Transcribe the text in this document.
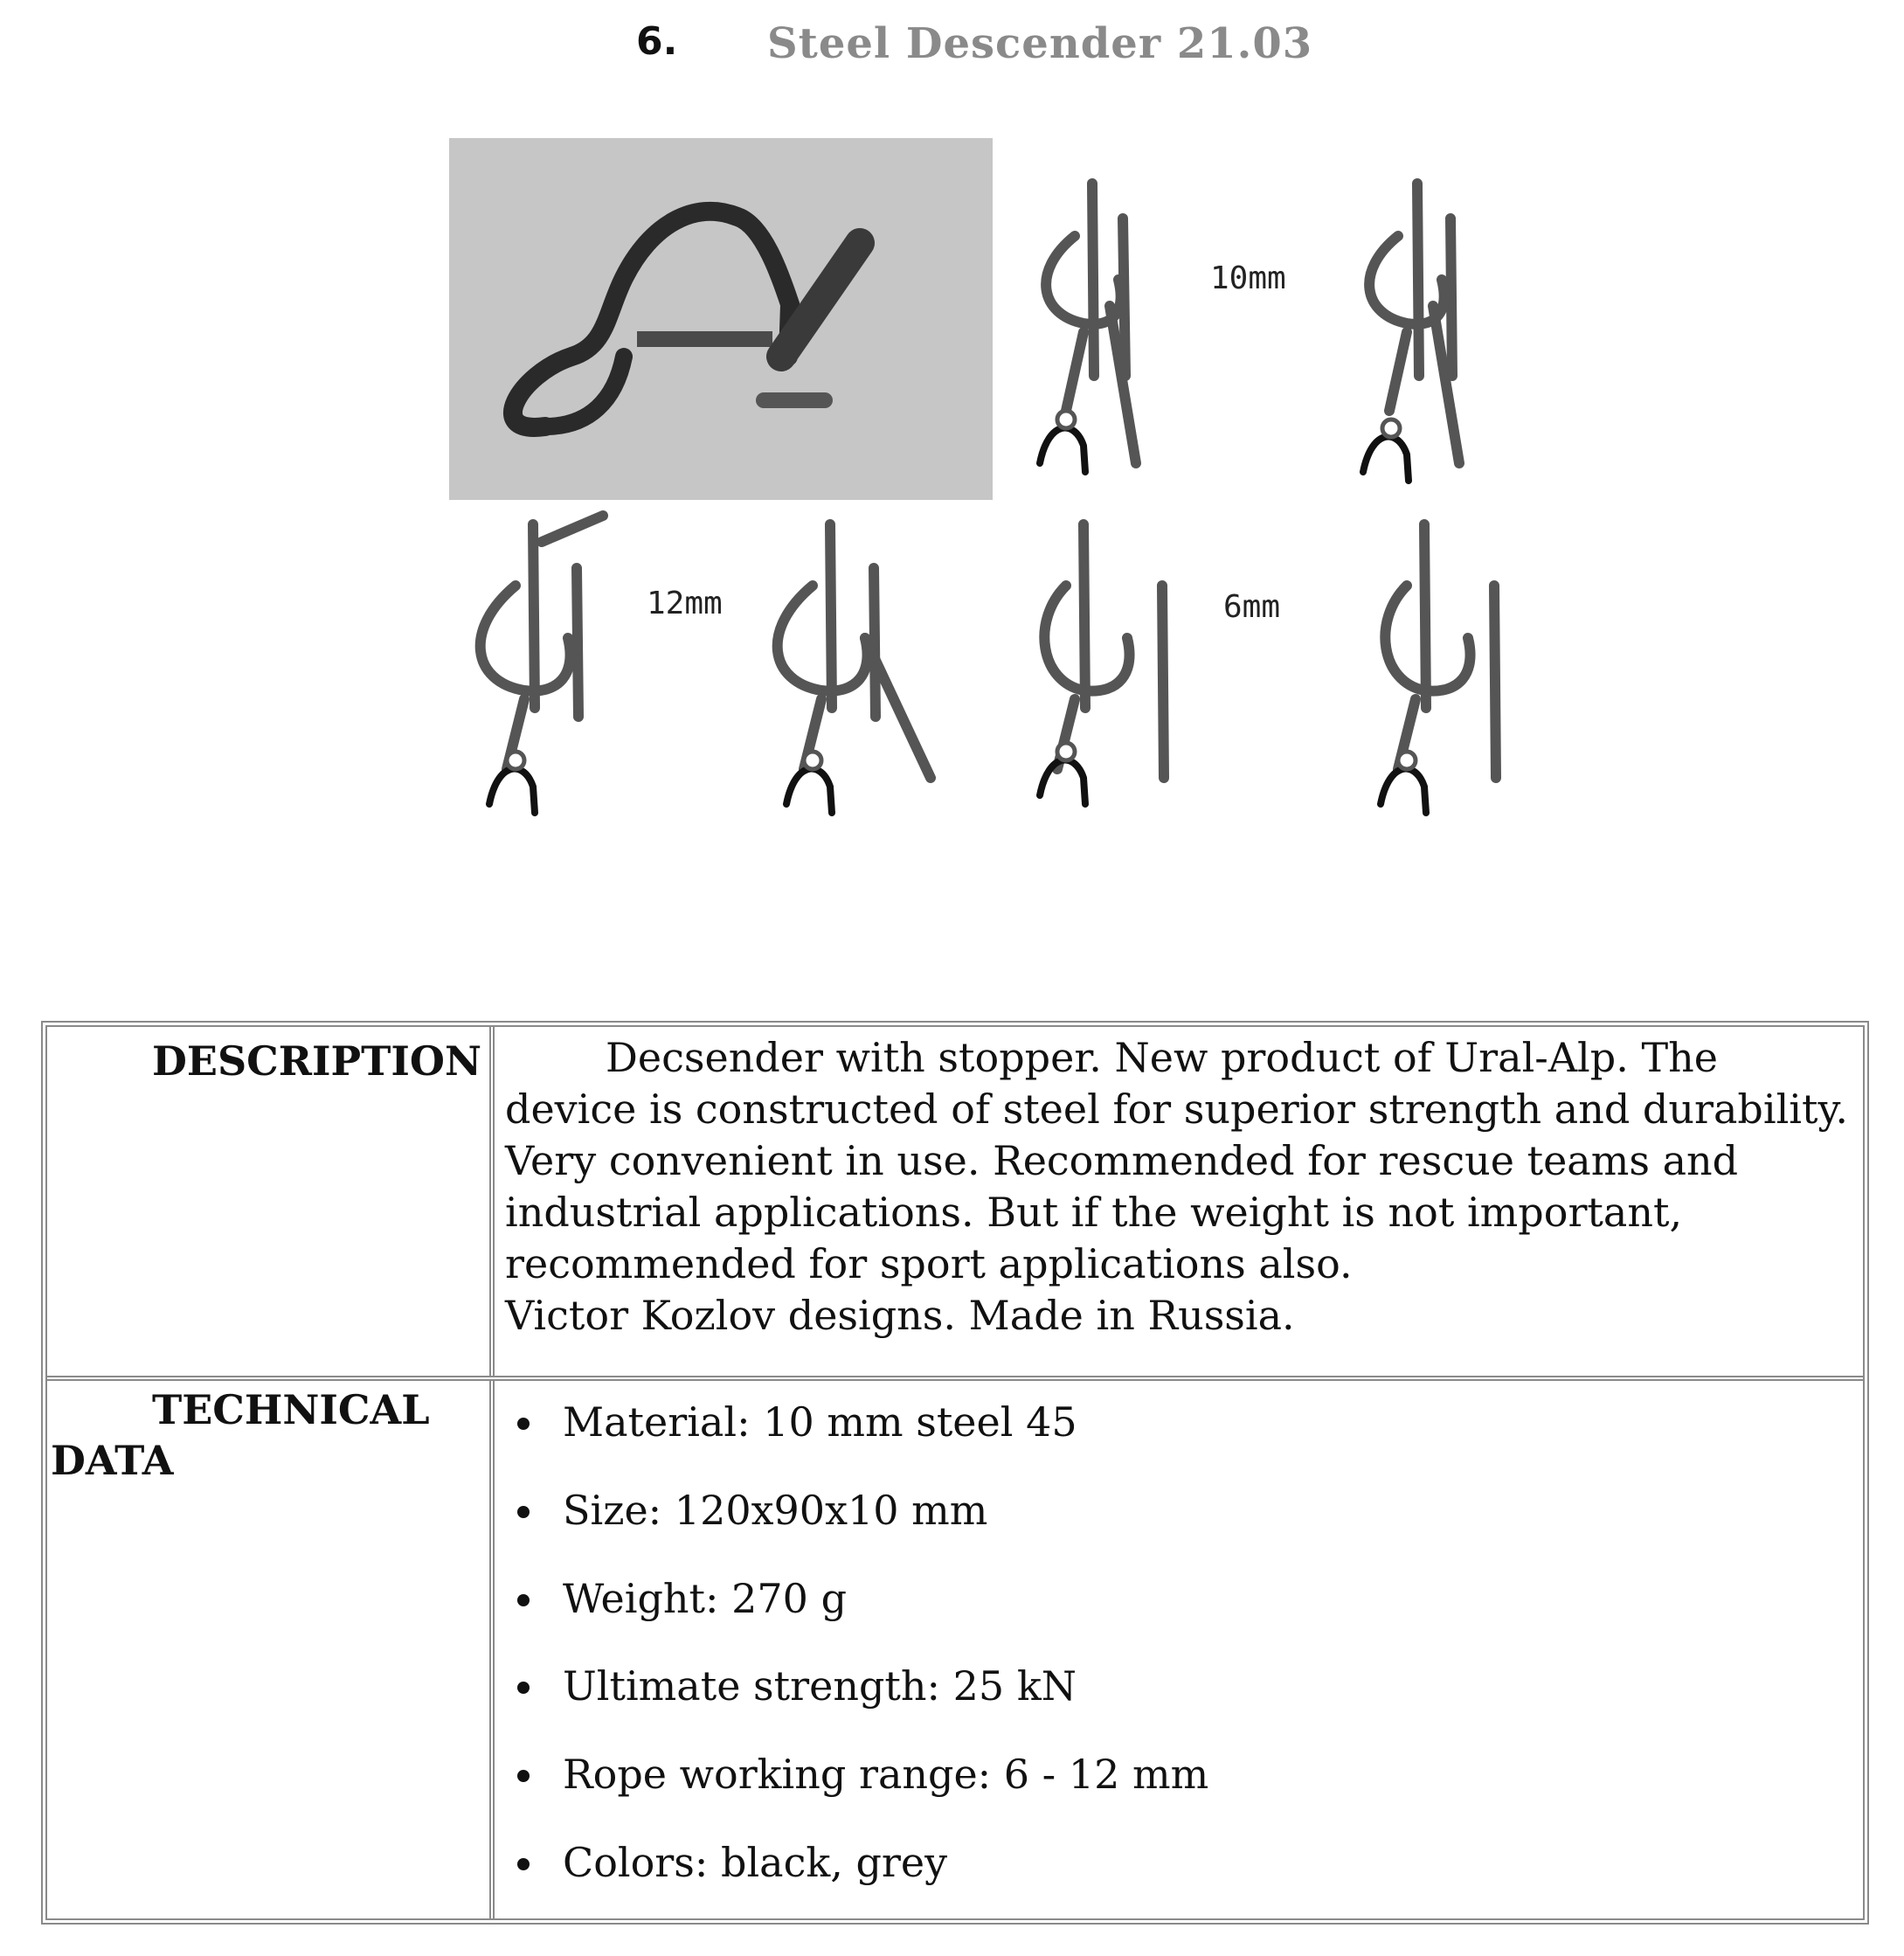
6. Steel Descender 21.03
10mm
12mm	6mm
DESCRIPTION	Decsender with stopper. New product of Ural-Alp. The device is constructed of steel for superior strength and durability. Very convenient in use. Recommended for rescue teams and industrial applications. But if the weight is not important, recommended for sport applications also.
Victor Kozlov designs. Made in Russia.
TECHNICAL
DATA
Material: 10 mm steel 45
Size: 120x90x10 mm
Weight: 270 g
Ultimate strength: 25 kN
Rope working range: 6 - 12 mm
Colors: black, grey
